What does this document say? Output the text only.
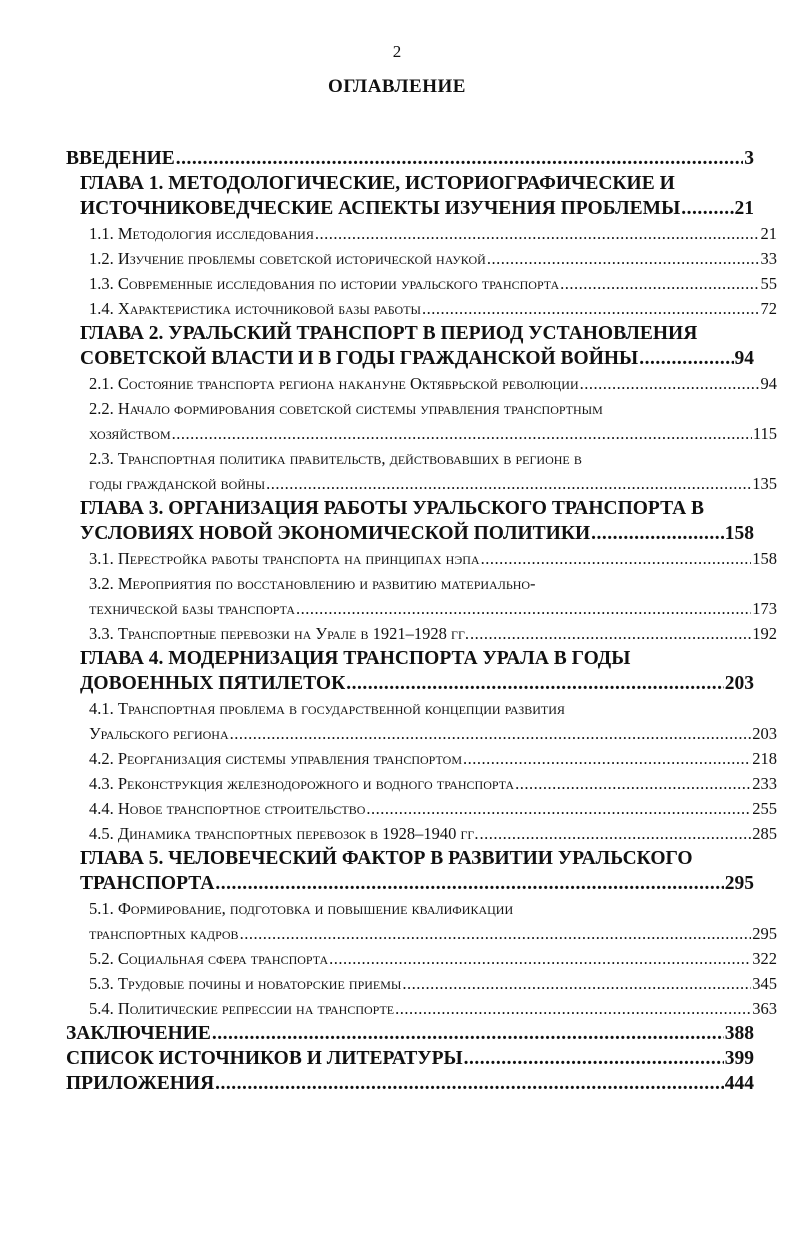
2
ОГЛАВЛЕНИЕ
ВВЕДЕНИЕ .....	3
ГЛАВА 1. МЕТОДОЛОГИЧЕСКИЕ, ИСТОРИОГРАФИЧЕСКИЕ И
ИСТОЧНИКОВЕДЧЕСКИЕ АСПЕКТЫ ИЗУЧЕНИЯ ПРОБЛЕМЫ .....	21
1.1. Методология исследования .....	21
1.2. Изучение проблемы советской исторической наукой .....	33
1.3. Современные исследования по истории уральского транспорта .....	55
1.4. Характеристика источниковой базы работы .....	72
ГЛАВА 2. УРАЛЬСКИЙ ТРАНСПОРТ В ПЕРИОД УСТАНОВЛЕНИЯ
СОВЕТСКОЙ ВЛАСТИ И В ГОДЫ ГРАЖДАНСКОЙ ВОЙНЫ .....	94
2.1. Состояние транспорта региона накануне Октябрьской революции .....	94
2.2. Начало формирования советской системы управления транспортным
хозяйством .....	115
2.3. Транспортная политика правительств, действовавших в регионе в
годы гражданской войны .....	135
ГЛАВА 3. ОРГАНИЗАЦИЯ РАБОТЫ УРАЛЬСКОГО ТРАНСПОРТА В
УСЛОВИЯХ НОВОЙ ЭКОНОМИЧЕСКОЙ ПОЛИТИКИ .....	158
3.1. Перестройка работы транспорта на принципах нэпа .....	158
3.2. Мероприятия по восстановлению и развитию материально-
технической базы транспорта .....	173
3.3. Транспортные перевозки на Урале в 1921–1928 гг. .....	192
ГЛАВА 4. МОДЕРНИЗАЦИЯ ТРАНСПОРТА УРАЛА В ГОДЫ
ДОВОЕННЫХ ПЯТИЛЕТОК .....	203
4.1. Транспортная проблема в государственной концепции развития
Уральского региона .....	203
4.2. Реорганизация системы управления транспортом .....	218
4.3. Реконструкция железнодорожного и водного транспорта .....	233
4.4. Новое транспортное строительство .....	255
4.5. Динамика транспортных перевозок в 1928–1940 гг. .....	285
ГЛАВА 5. ЧЕЛОВЕЧЕСКИЙ ФАКТОР В РАЗВИТИИ УРАЛЬСКОГО
ТРАНСПОРТА .....	295
5.1. Формирование, подготовка и повышение квалификации
транспортных кадров .....	295
5.2. Социальная сфера транспорта .....	322
5.3. Трудовые почины и новаторские приемы .....	345
5.4. Политические репрессии на транспорте .....	363
ЗАКЛЮЧЕНИЕ .....	388
СПИСОК ИСТОЧНИКОВ И ЛИТЕРАТУРЫ .....	399
ПРИЛОЖЕНИЯ .....	444
